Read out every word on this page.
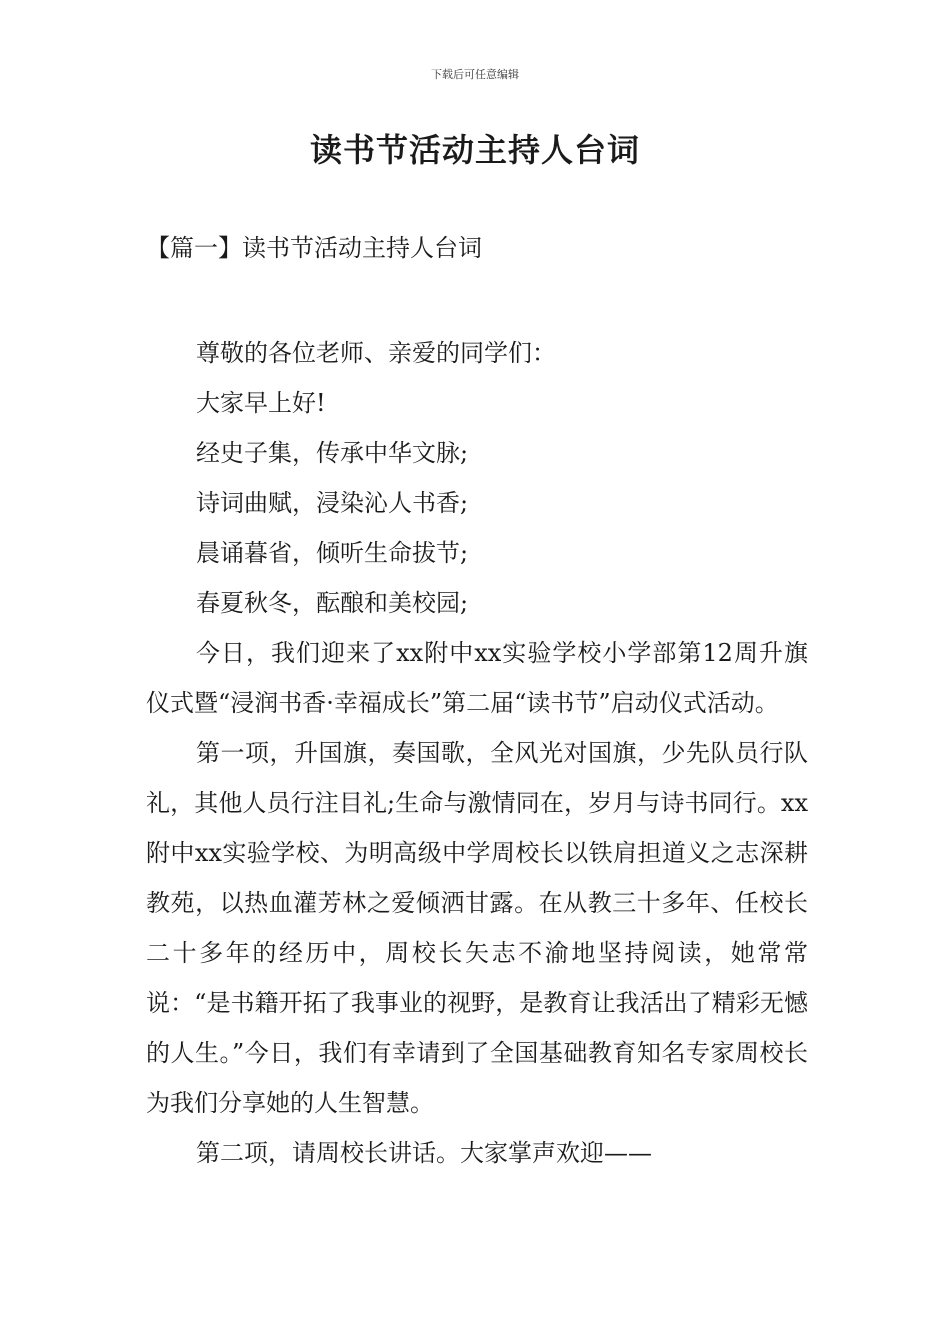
下载后可任意编辑
读书节活动主持人台词
【篇一】读书节活动主持人台词

尊敬的各位老师、亲爱的同学们：

大家早上好!

经史子集，传承中华文脉;

诗词曲赋，浸染沁人书香;

晨诵暮省，倾听生命拔节;

春夏秋冬，酝酿和美校园;

今日，我们迎来了xx附中xx实验学校小学部第12周升旗仪式暨“浸润书香·幸福成长”第二届“读书节”启动仪式活动。

第一项，升国旗，奏国歌，全风光对国旗，少先队员行队礼，其他人员行注目礼;生命与激情同在，岁月与诗书同行。xx附中xx实验学校、为明高级中学周校长以铁肩担道义之志深耕教苑，以热血灌芳林之爱倾洒甘露。在从教三十多年、任校长二十多年的经历中，周校长矢志不渝地坚持阅读，她常常说：“是书籍开拓了我事业的视野，是教育让我活出了精彩无憾的人生。”今日，我们有幸请到了全国基础教育知名专家周校长为我们分享她的人生智慧。

第二项，请周校长讲话。大家掌声欢迎——
